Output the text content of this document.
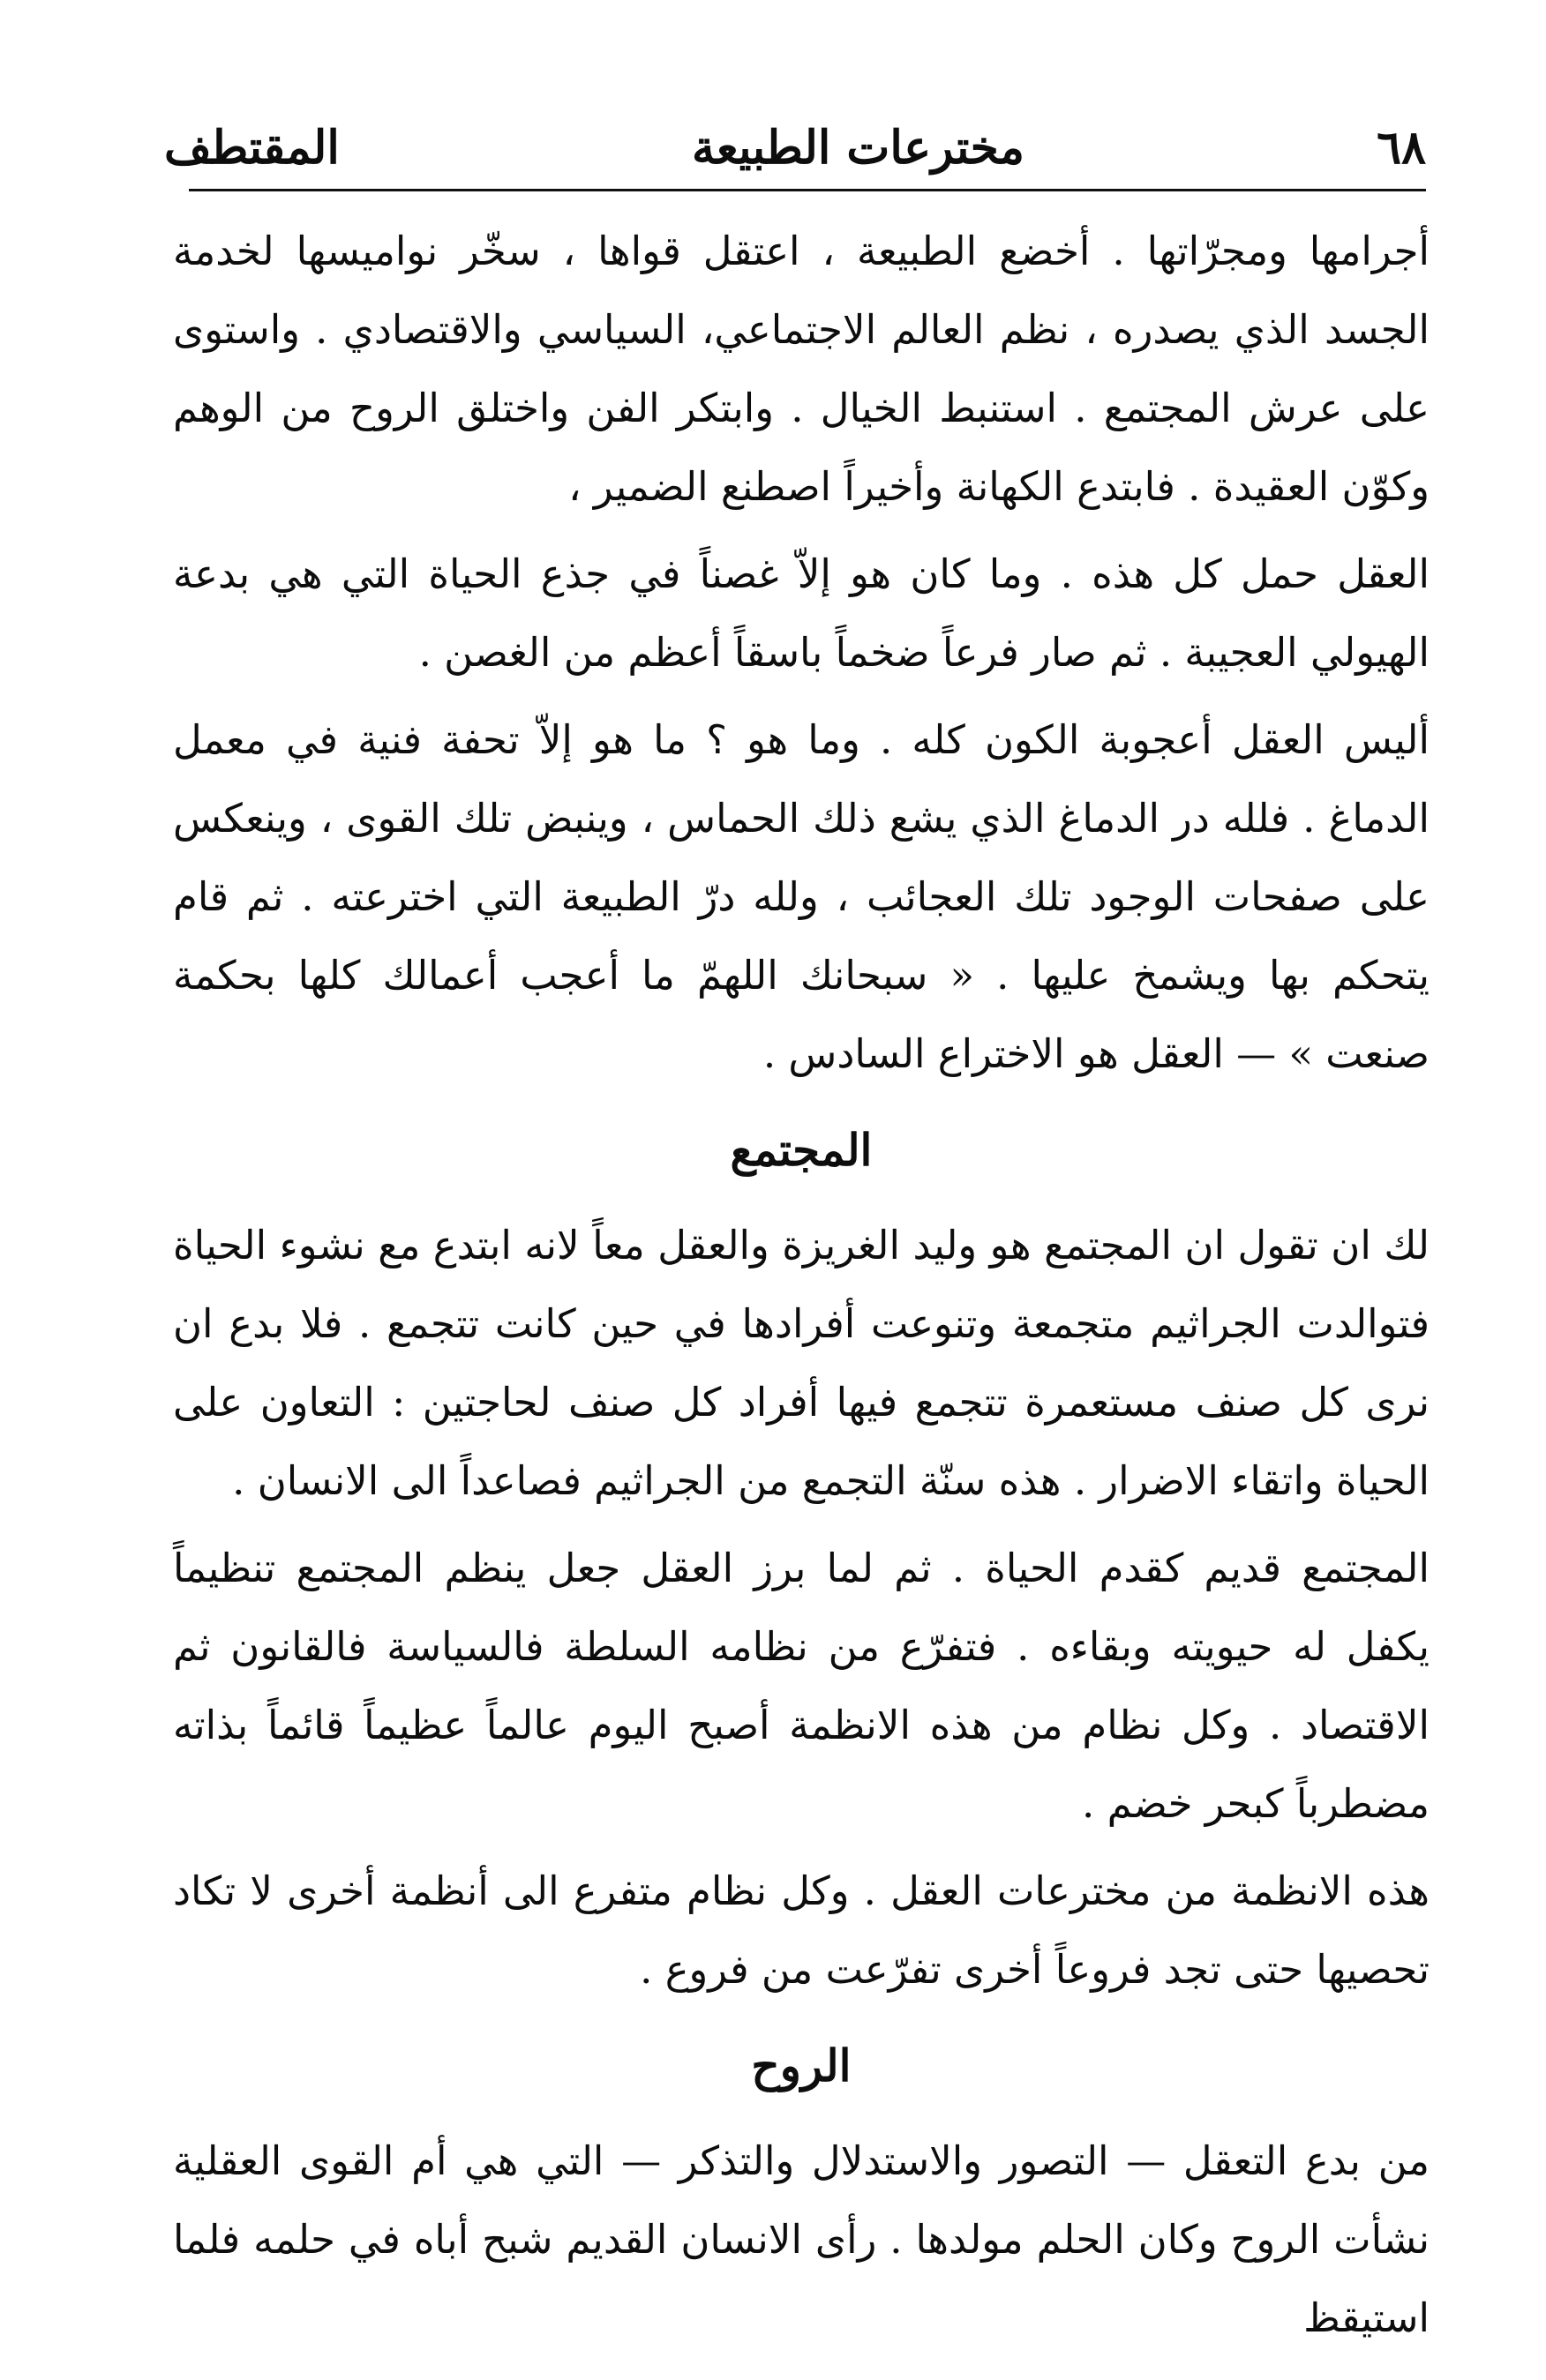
٦٨
مخترعات الطبيعة
المقتطف

أجرامها ومجرّاتها . أخضع الطبيعة ، اعتقل قواها ، سخّر نواميسها لخدمة الجسد الذي يصدره ، نظم العالم الاجتماعي، السياسي والاقتصادي . واستوى على عرش المجتمع . استنبط الخيال . وابتكر الفن واختلق الروح من الوهم وكوّن العقيدة . فابتدع الكهانة وأخيراً اصطنع الضمير ،

العقل حمل كل هذه . وما كان هو إلاّ غصناً في جذع الحياة التي هي بدعة الهيولي العجيبة . ثم صار فرعاً ضخماً باسقاً أعظم من الغصن .

أليس العقل أعجوبة الكون كله . وما هو ؟ ما هو إلاّ تحفة فنية في معمل الدماغ . فلله در الدماغ الذي يشع ذلك الحماس ، وينبض تلك القوى ، وينعكس على صفحات الوجود تلك العجائب ، ولله درّ الطبيعة التي اخترعته . ثم قام يتحكم بها ويشمخ عليها . « سبحانك اللهمّ ما أعجب أعمالك كلها بحكمة صنعت » — العقل هو الاختراع السادس .

المجتمع

لك ان تقول ان المجتمع هو وليد الغريزة والعقل معاً لانه ابتدع مع نشوء الحياة فتوالدت الجراثيم متجمعة وتنوعت أفرادها في حين كانت تتجمع . فلا بدع ان نرى كل صنف مستعمرة تتجمع فيها أفراد كل صنف لحاجتين : التعاون على الحياة واتقاء الاضرار . هذه سنّة التجمع من الجراثيم فصاعداً الى الانسان .

المجتمع قديم كقدم الحياة . ثم لما برز العقل جعل ينظم المجتمع تنظيماً يكفل له حيويته وبقاءه . فتفرّع من نظامه السلطة فالسياسة فالقانون ثم الاقتصاد . وكل نظام من هذه الانظمة أصبح اليوم عالماً عظيماً قائماً بذاته مضطرباً كبحر خضم .

هذه الانظمة من مخترعات العقل . وكل نظام متفرع الى أنظمة أخرى لا تكاد تحصيها حتى تجد فروعاً أخرى تفرّعت من فروع .

الروح

من بدع التعقل — التصور والاستدلال والتذكر — التي هي أم القوى العقلية نشأت الروح وكان الحلم مولدها . رأى الانسان القديم شبح أباه في حلمه فلما استيقظ
